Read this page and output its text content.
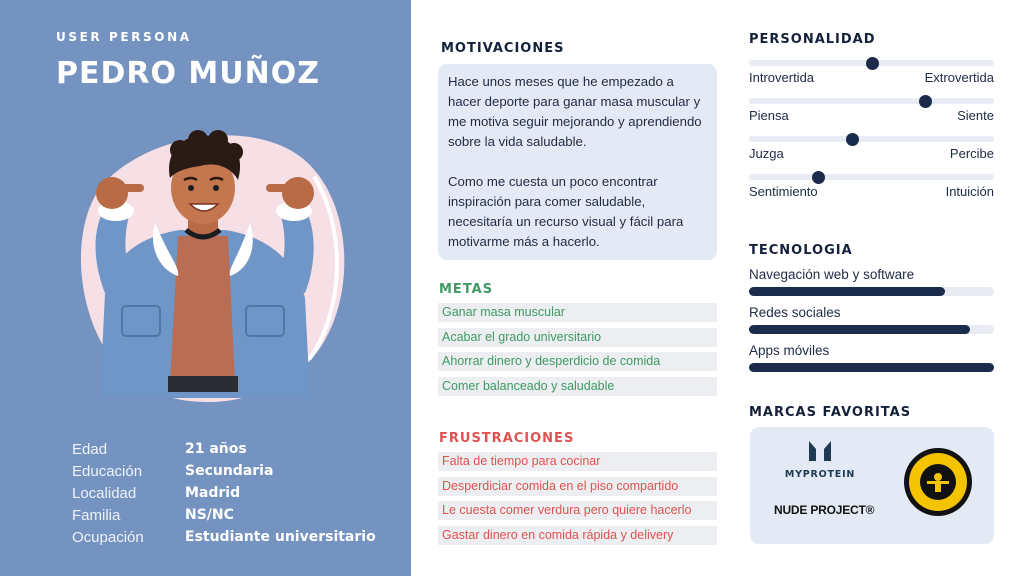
USER PERSONA
PEDRO MUÑOZ
Edad	21 años
Educación	Secundaria
Localidad	Madrid
Familia	NS/NC
Ocupación	Estudiante universitario
MOTIVACIONES

Hace unos meses que he empezado a hacer deporte para ganar masa muscular y me motiva seguir mejorando y aprendiendo sobre la vida saludable.

Como me cuesta un poco encontrar inspiración para comer saludable, necesitaría un recurso visual y fácil para motivarme más a hacerlo.

METAS
Ganar masa muscular
Acabar el grado universitario
Ahorrar dinero y desperdicio de comida
Comer balanceado y saludable
FRUSTRACIONES
Falta de tiempo para cocinar
Desperdiciar comida en el piso compartido
Le cuesta comer verdura pero quiere hacerlo
Gastar dinero en comida rápida y delivery
PERSONALIDAD
Introvertida	Extrovertida
Piensa	Siente
Juzga	Percibe
Sentimiento	Intuición
TECNOLOGIA
Navegación web y software
Redes sociales
Apps móviles
MARCAS FAVORITAS
MYPROTEIN
NUDE PROJECT®
